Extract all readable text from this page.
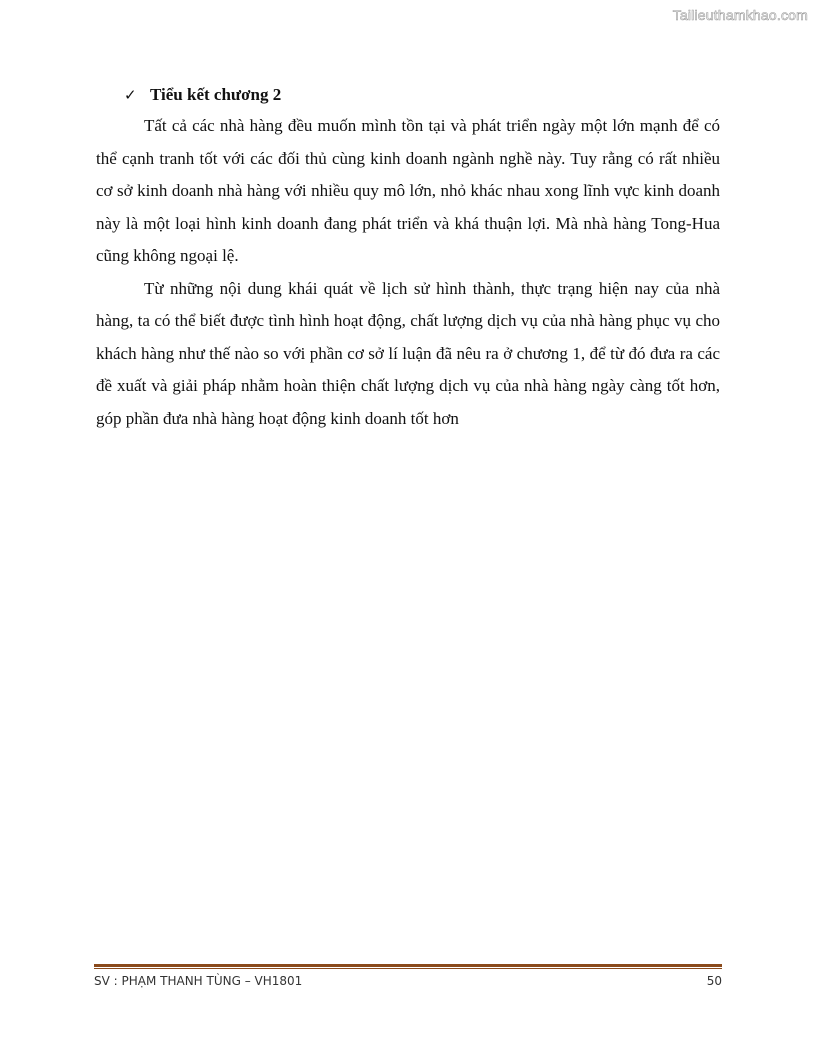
Tailieuthamkhao.com
✓ Tiểu kết chương 2

Tất cả các nhà hàng đều muốn mình tồn tại và phát triển ngày một lớn mạnh để có thể cạnh tranh tốt với các đối thủ cùng kinh doanh ngành nghề này. Tuy rằng có rất nhiều cơ sở kinh doanh nhà hàng với nhiều quy mô lớn, nhỏ khác nhau xong lĩnh vực kinh doanh này là một loại hình kinh doanh đang phát triển và khá thuận lợi. Mà nhà hàng Tong-Hua cũng không ngoại lệ.

Từ những nội dung khái quát về lịch sử hình thành, thực trạng hiện nay của nhà hàng, ta có thể biết được tình hình hoạt động, chất lượng dịch vụ của nhà hàng phục vụ cho khách hàng như thế nào so với phần cơ sở lí luận đã nêu ra ở chương 1, để từ đó đưa ra các đề xuất và giải pháp nhằm hoàn thiện chất lượng dịch vụ của nhà hàng ngày càng tốt hơn, góp phần đưa nhà hàng hoạt động kinh doanh tốt hơn

SV : PHẠM THANH TÙNG – VH1801	50
